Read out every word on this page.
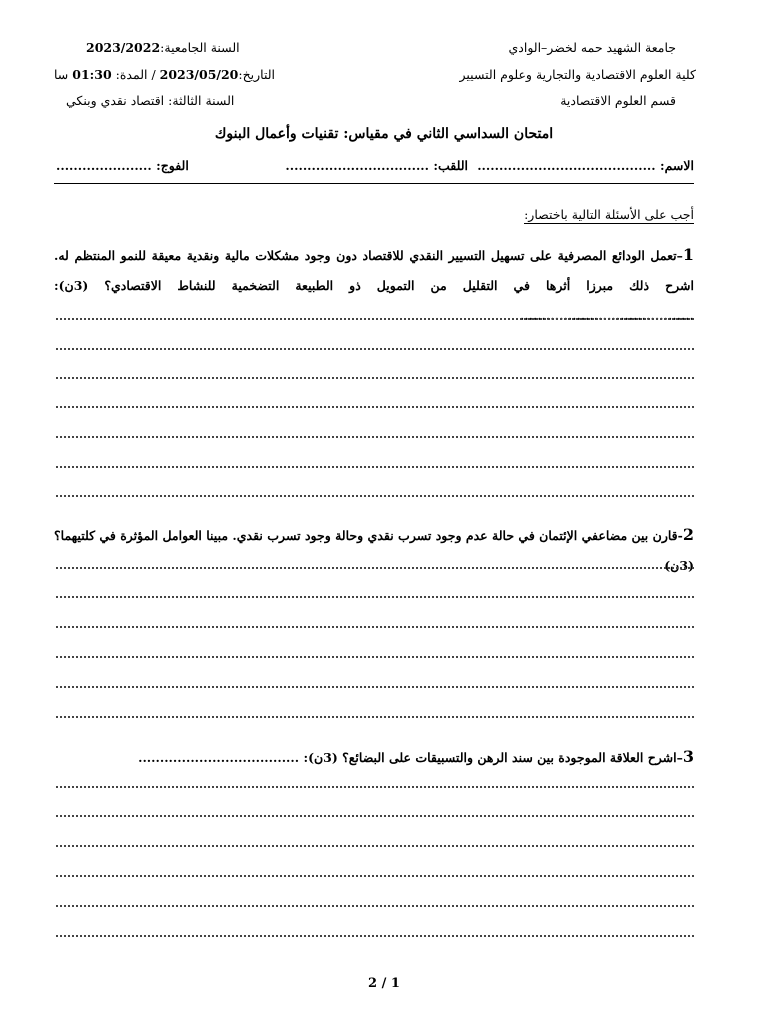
جامعة الشهيد حمه لخضر–الوادي
كلية العلوم الاقتصادية والتجارية وعلوم التسيير
قسم العلوم الاقتصادية
السنة الجامعية:2023/2022
التاريخ:2023/05/20 / المدة: 01:30 سا
السنة الثالثة: اقتصاد نقدي وبنكي
امتحان السداسي الثاني في مقياس: تقنيات وأعمال البنوك
الاسم: .........................................
اللقب: .................................
الفوج: ......................
أجب على الأسئلة التالية باختصار:
1–تعمل الودائع المصرفية على تسهيل التسيير النقدي للاقتصاد دون وجود مشكلات مالية ونقدية معيقة للنمو المنتظم له. اشرح ذلك مبرزا أثرها في التقليل من التمويل ذو الطبيعة التضخمية للنشاط الاقتصادي؟ (3ن): ........................................
2-قارن بين مضاعفي الإئتمان في حالة عدم وجود تسرب نقدي وحالة وجود تسرب نقدي. مبينا العوامل المؤثرة في كلتيهما؟ (3ن)
3–اشرح العلاقة الموجودة بين سند الرهن والتسبيقات على البضائع؟ (3ن): .....................................
2 / 1
